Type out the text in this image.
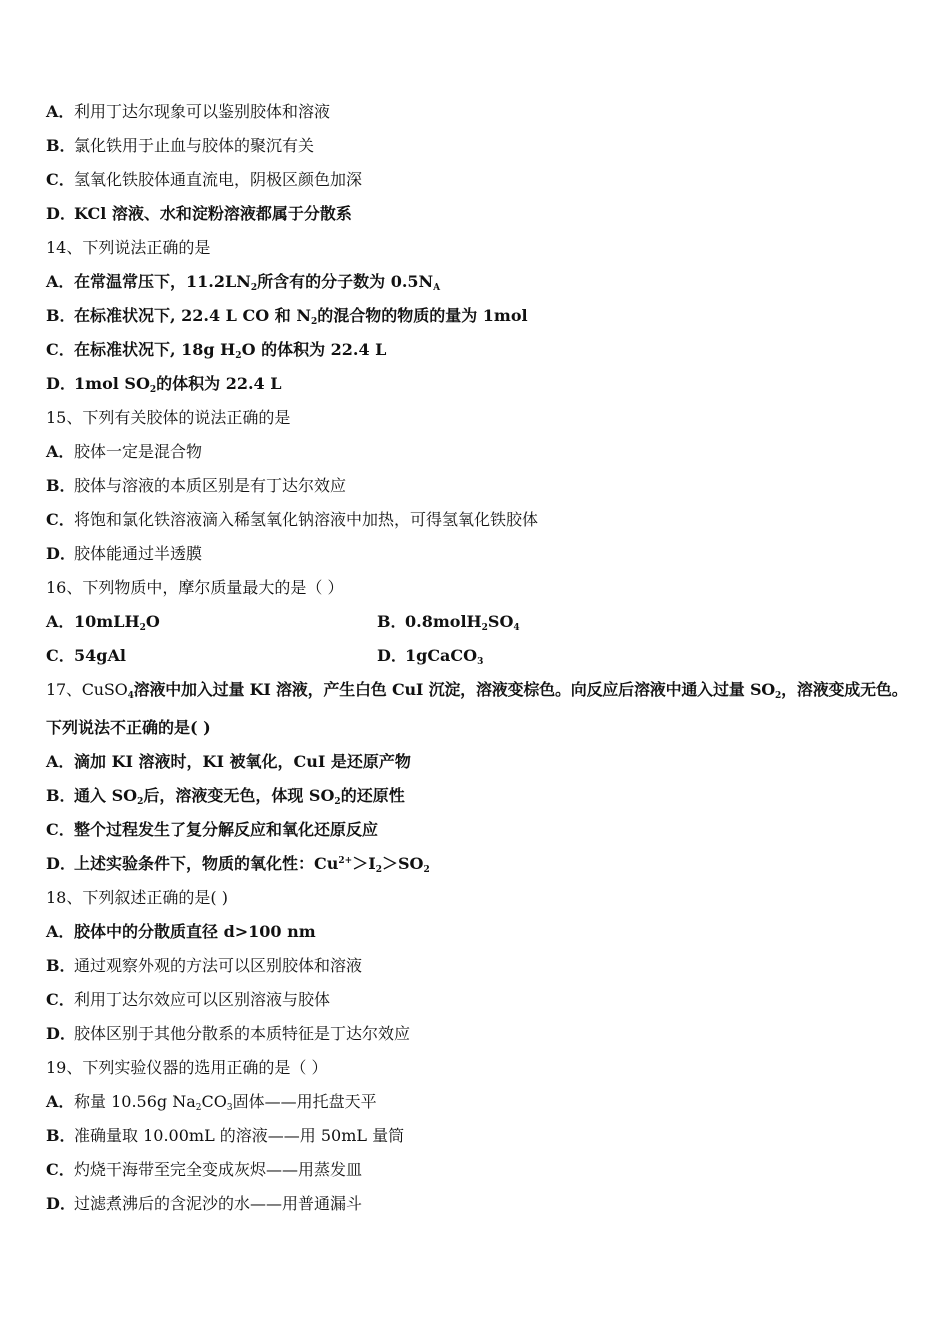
A．利用丁达尔现象可以鉴别胶体和溶液
B．氯化铁用于止血与胶体的聚沉有关
C．氢氧化铁胶体通直流电，阴极区颜色加深
D．KCl 溶液、水和淀粉溶液都属于分散系
14、下列说法正确的是
A．在常温常压下，$11.2LN_2$所含有的分子数为 $0.5N_A$
B．在标准状况下, 22.4 L CO 和 $N_2$的混合物的物质的量为 1mol
C．在标准状况下, 18g $H_2O$ 的体积为 22.4 L
D．1mol $SO_2$的体积为 22.4 L
15、下列有关胶体的说法正确的是
A．胶体一定是混合物
B．胶体与溶液的本质区别是有丁达尔效应
C．将饱和氯化铁溶液滴入稀氢氧化钠溶液中加热，可得氢氧化铁胶体
D．胶体能通过半透膜
16、下列物质中，摩尔质量最大的是（ ）
A．10mLH$_2$O	B．$0.8molH_2SO_4$
C．54gAl	D．1gCaCO$_3$
17、CuSO$_4$溶液中加入过量 KI 溶液，产生白色 CuI 沉淀，溶液变棕色。向反应后溶液中通入过量 $SO_2$，溶液变成无色。
下列说法不正确的是( )
A．滴加 KI 溶液时，KI 被氧化，CuI 是还原产物
B．通入 $SO_2$后，溶液变无色，体现 $SO_2$的还原性
C．整个过程发生了复分解反应和氧化还原反应
D．上述实验条件下，物质的氧化性：$Cu^{2+}>I_2>SO_2$
18、下列叙述正确的是( )
A．胶体中的分散质直径 d>100 nm
B．通过观察外观的方法可以区别胶体和溶液
C．利用丁达尔效应可以区别溶液与胶体
D．胶体区别于其他分散系的本质特征是丁达尔效应
19、下列实验仪器的选用正确的是（ ）
A．称量 10.56g $Na_2CO_3$固体——用托盘天平
B．准确量取 10.00mL 的溶液——用 50mL 量筒
C．灼烧干海带至完全变成灰烬——用蒸发皿
D．过滤煮沸后的含泥沙的水——用普通漏斗
